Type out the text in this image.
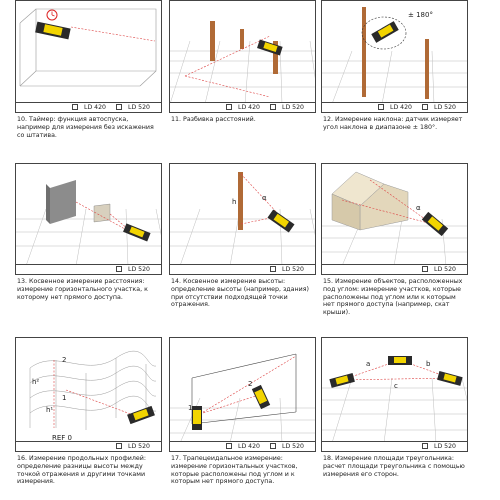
LD 420	LD 520
10. Таймер: функция автоспуска, например для измерения без искажения со штатива.
LD 420	LD 520
11. Разбивка расстояний.
± 180°
LD 420	LD 520
12. Измерение наклона: датчик измеряет угол наклона в диапазоне ± 180°.
LD 520
13. Косвенное измерение расстояния: измерение горизонтального участка, к которому нет прямого доступа.
h	α
LD 520
14. Косвенное измерение высоты: определение высоты (например, здания) при отсутствии подходящей точки отражения.
α
LD 520
15. Измерение объектов, расположенных под углом: измерение участков, которые расположены под углом или к которым нет прямого доступа (например, скат крыши).
2
1
h²
h¹
REF 0
LD 520
16. Измерение продольных профилей: определение разницы высоты между точкой отражения и другими точками измерения.
1
2
LD 420	LD 520
17. Трапецеидальное измерение: измерение горизонтальных участков, которые расположены под углом и к которым нет прямого доступа.
a	b
c
LD 520
18. Измерение площади треугольника: расчет площади треугольника с помощью измерения его сторон.
